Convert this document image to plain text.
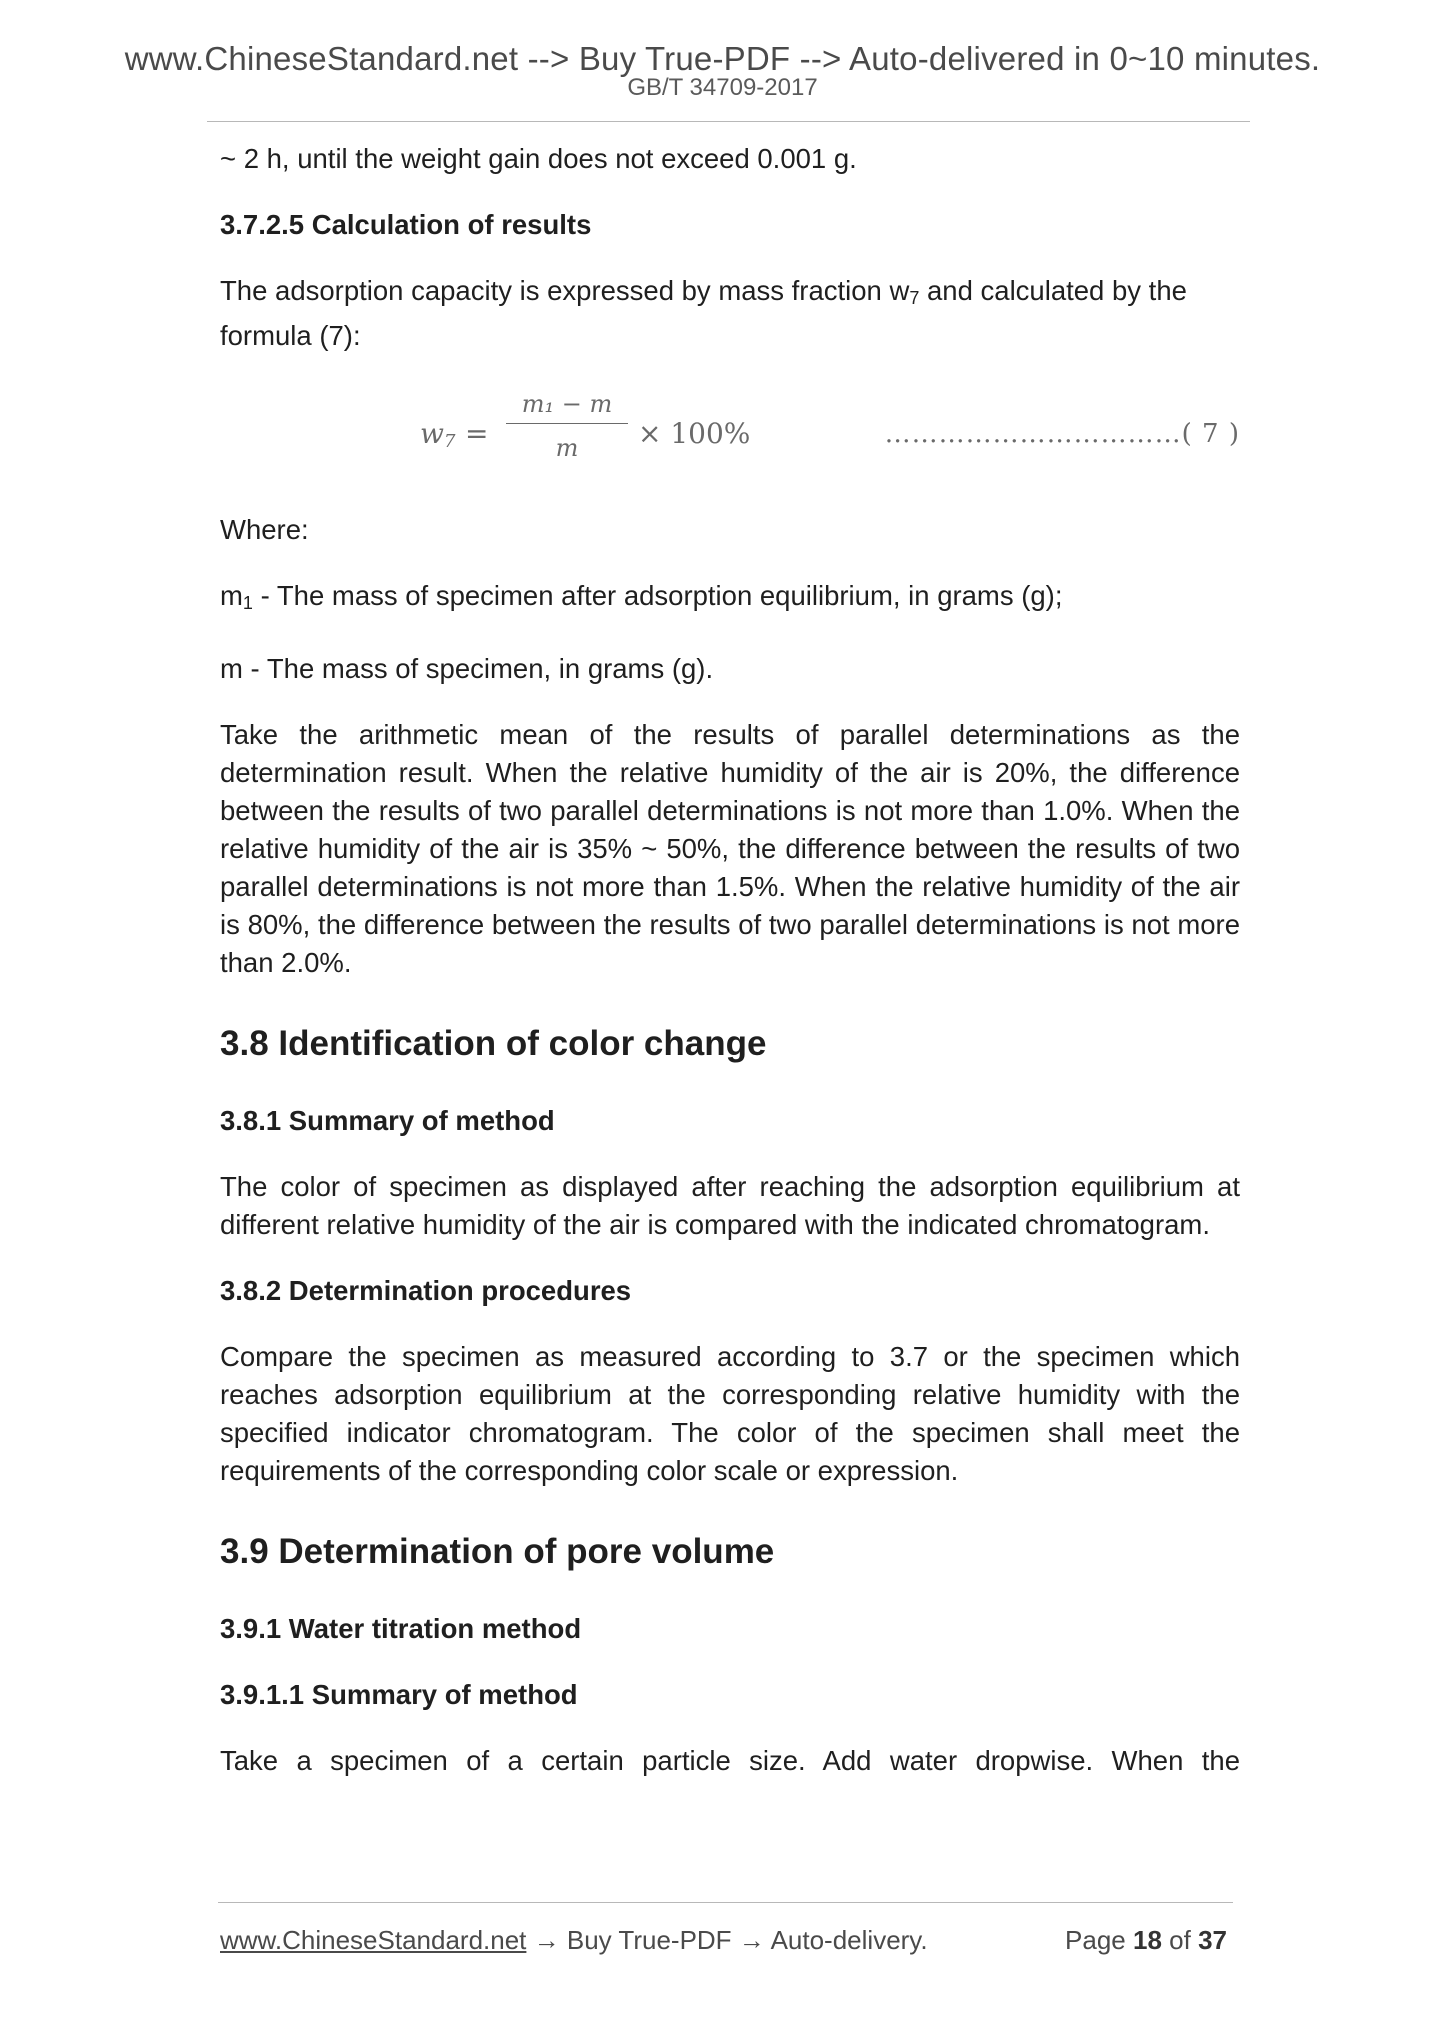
www.ChineseStandard.net --> Buy True-PDF --> Auto-delivered in 0~10 minutes.
GB/T 34709-2017

~ 2 h, until the weight gain does not exceed 0.001 g.

3.7.2.5 Calculation of results

The adsorption capacity is expressed by mass fraction $w_7$ and calculated by the formula (7):

$w_7$ =
m₁ − m
m	× 100%	……………………………( 7 )

Where:

$m_1$ - The mass of specimen after adsorption equilibrium, in grams (g);

m - The mass of specimen, in grams (g).

Take the arithmetic mean of the results of parallel determinations as the determination result. When the relative humidity of the air is 20%, the difference between the results of two parallel determinations is not more than 1.0%. When the relative humidity of the air is 35% ~ 50%, the difference between the results of two parallel determinations is not more than 1.5%. When the relative humidity of the air is 80%, the difference between the results of two parallel determinations is not more than 2.0%.

3.8 Identification of color change

3.8.1 Summary of method

The color of specimen as displayed after reaching the adsorption equilibrium at different relative humidity of the air is compared with the indicated chromatogram.

3.8.2 Determination procedures

Compare the specimen as measured according to 3.7 or the specimen which reaches adsorption equilibrium at the corresponding relative humidity with the specified indicator chromatogram. The color of the specimen shall meet the requirements of the corresponding color scale or expression.

3.9 Determination of pore volume

3.9.1 Water titration method

3.9.1.1 Summary of method

Take a specimen of a certain particle size. Add water dropwise. When the

www.ChineseStandard.net → Buy True-PDF → Auto-delivery.	Page 18 of 37
